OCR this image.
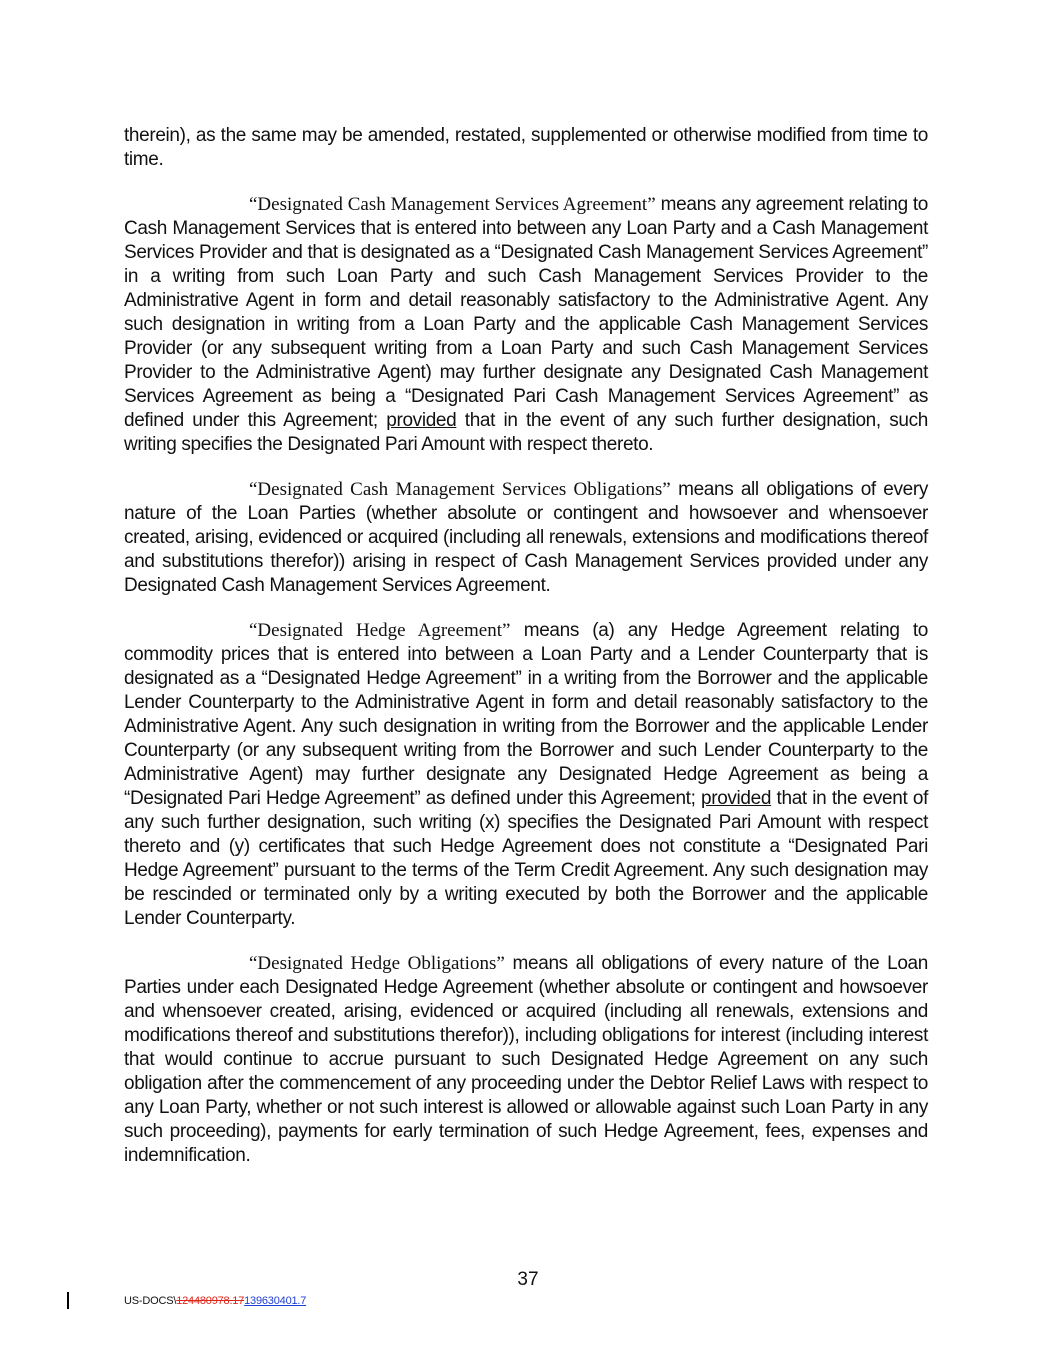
therein), as the same may be amended, restated, supplemented or otherwise modified from time to time.

“Designated Cash Management Services Agreement” means any agreement relating to Cash Management Services that is entered into between any Loan Party and a Cash Management Services Provider and that is designated as a “Designated Cash Management Services Agreement” in a writing from such Loan Party and such Cash Management Services Provider to the Administrative Agent in form and detail reasonably satisfactory to the Administrative Agent. Any such designation in writing from a Loan Party and the applicable Cash Management Services Provider (or any subsequent writing from a Loan Party and such Cash Management Services Provider to the Administrative Agent) may further designate any Designated Cash Management Services Agreement as being a “Designated Pari Cash Management Services Agreement” as defined under this Agreement; provided that in the event of any such further designation, such writing specifies the Designated Pari Amount with respect thereto.

“Designated Cash Management Services Obligations” means all obligations of every nature of the Loan Parties (whether absolute or contingent and howsoever and whensoever created, arising, evidenced or acquired (including all renewals, extensions and modifications thereof and substitutions therefor)) arising in respect of Cash Management Services provided under any Designated Cash Management Services Agreement.

“Designated Hedge Agreement” means (a) any Hedge Agreement relating to commodity prices that is entered into between a Loan Party and a Lender Counterparty that is designated as a “Designated Hedge Agreement” in a writing from the Borrower and the applicable Lender Counterparty to the Administrative Agent in form and detail reasonably satisfactory to the Administrative Agent. Any such designation in writing from the Borrower and the applicable Lender Counterparty (or any subsequent writing from the Borrower and such Lender Counterparty to the Administrative Agent) may further designate any Designated Hedge Agreement as being a “Designated Pari Hedge Agreement” as defined under this Agreement; provided that in the event of any such further designation, such writing (x) specifies the Designated Pari Amount with respect thereto and (y) certificates that such Hedge Agreement does not constitute a “Designated Pari Hedge Agreement” pursuant to the terms of the Term Credit Agreement. Any such designation may be rescinded or terminated only by a writing executed by both the Borrower and the applicable Lender Counterparty.

“Designated Hedge Obligations” means all obligations of every nature of the Loan Parties under each Designated Hedge Agreement (whether absolute or contingent and howsoever and whensoever created, arising, evidenced or acquired (including all renewals, extensions and modifications thereof and substitutions therefor)), including obligations for interest (including interest that would continue to accrue pursuant to such Designated Hedge Agreement on any such obligation after the commencement of any proceeding under the Debtor Relief Laws with respect to any Loan Party, whether or not such interest is allowed or allowable against such Loan Party in any such proceeding), payments for early termination of such Hedge Agreement, fees, expenses and indemnification.

37
US-DOCS\124480978.17139630401.7
